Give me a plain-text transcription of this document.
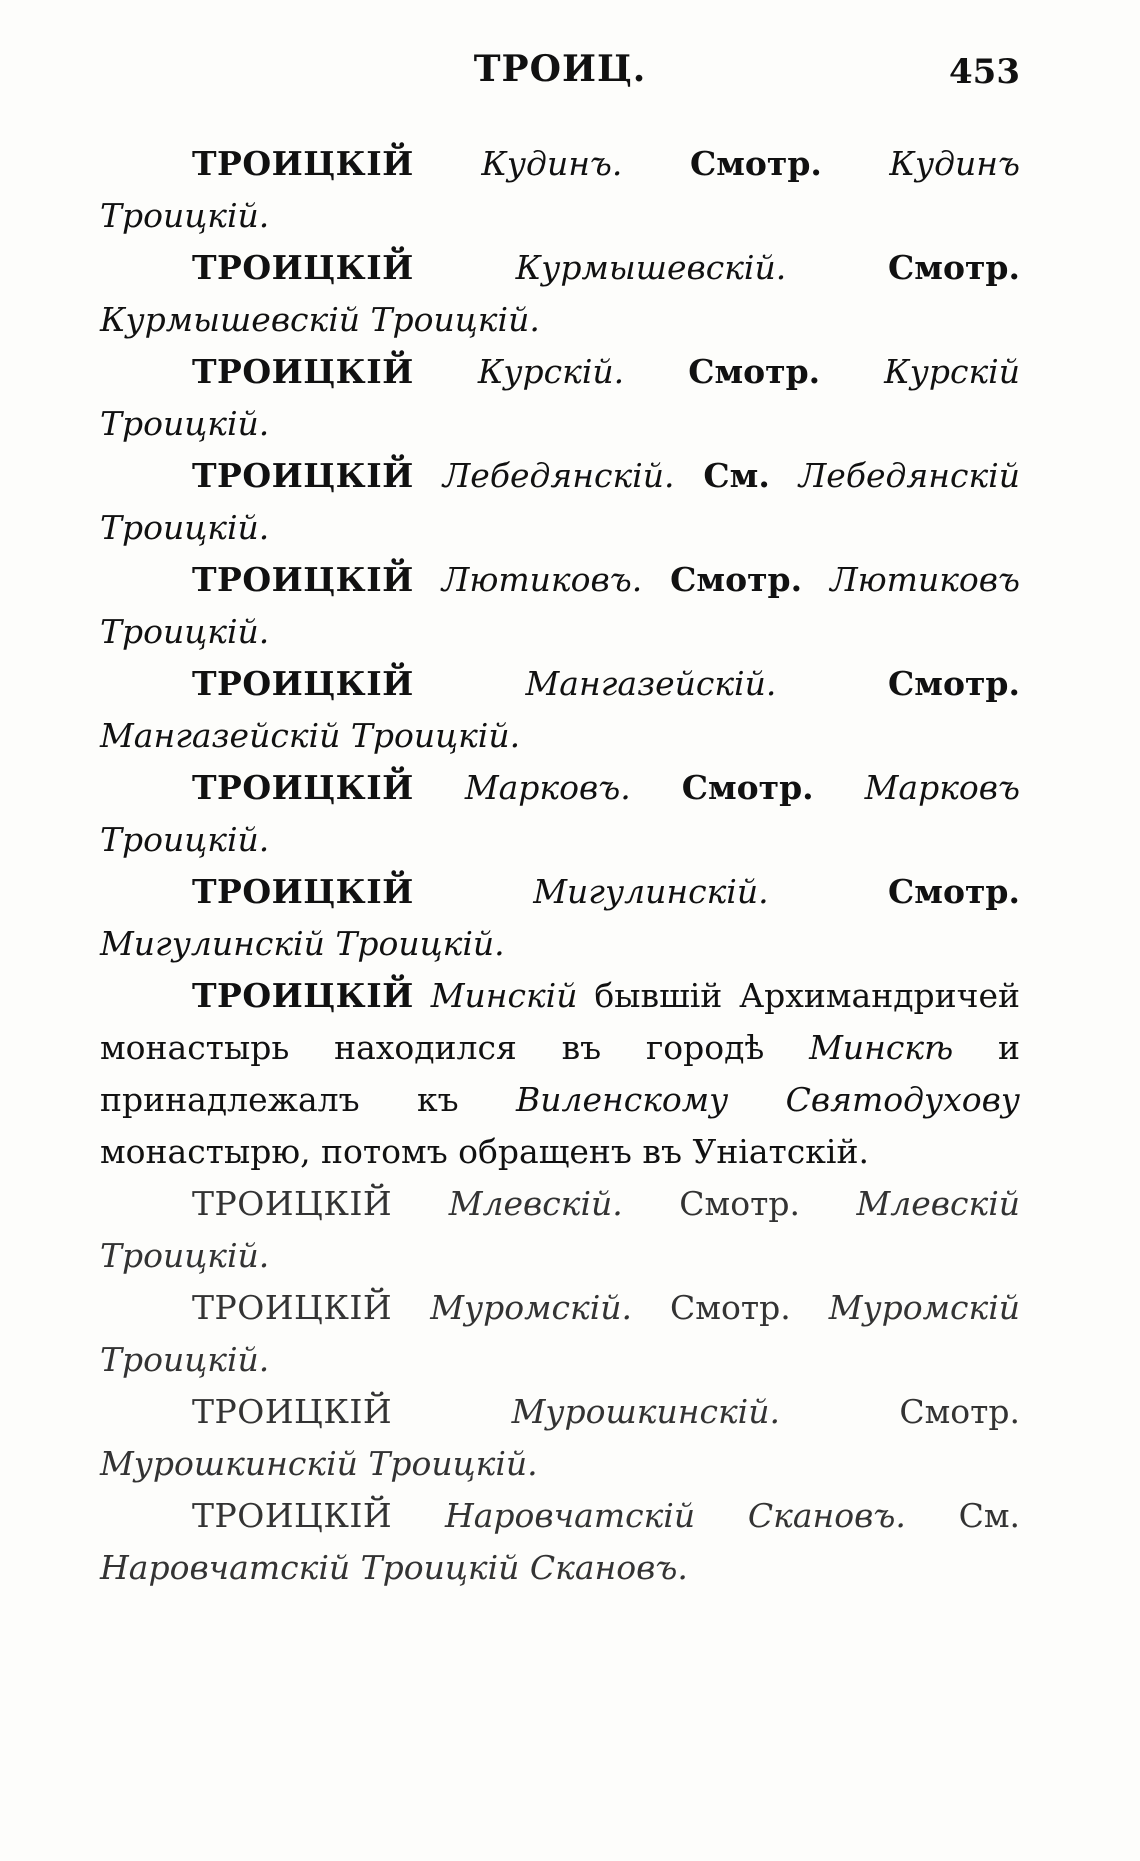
ТРОИЦ.	453

ТРОИЦКІЙ Кудинъ. Смотр. Кудинъ Троицкій.

ТРОИЦКІЙ	Курмышевскій.	Смотр. Курмышевскій Троицкій.

ТРОИЦКІЙ Курскій. Смотр. Курскій Троицкій.

ТРОИЦКІЙ Лебедянскій. См. Лебедянскій Троицкій.

ТРОИЦКІЙ Лютиковъ. Смотр. Лютиковъ Троицкій.

ТРОИЦКІЙ	Мангазейскій.	Смотр. Мангазейскій Троицкій.

ТРОИЦКІЙ Марковъ. Смотр. Марковъ Троицкій.

ТРОИЦКІЙ	Мигулинскій.	Смотр. Мигулинскій Троицкій.

ТРОИЦКІЙ Минскій бывшій Архимандричей монастырь находился въ городѣ Минскѣ и принадлежалъ къ Виленскому Святодухову монастырю, потомъ обращенъ въ Уніатскій.

ТРОИЦКІЙ Млевскій. Смотр. Млевскій Троицкій.

ТРОИЦКІЙ Муромскій. Смотр. Муромскій Троицкій.

ТРОИЦКІЙ	Мурошкинскій.	Смотр. Мурошкинскій Троицкій.

ТРОИЦКІЙ Наровчатскій Скановъ. См. Наровчатскій Троицкій Скановъ.
